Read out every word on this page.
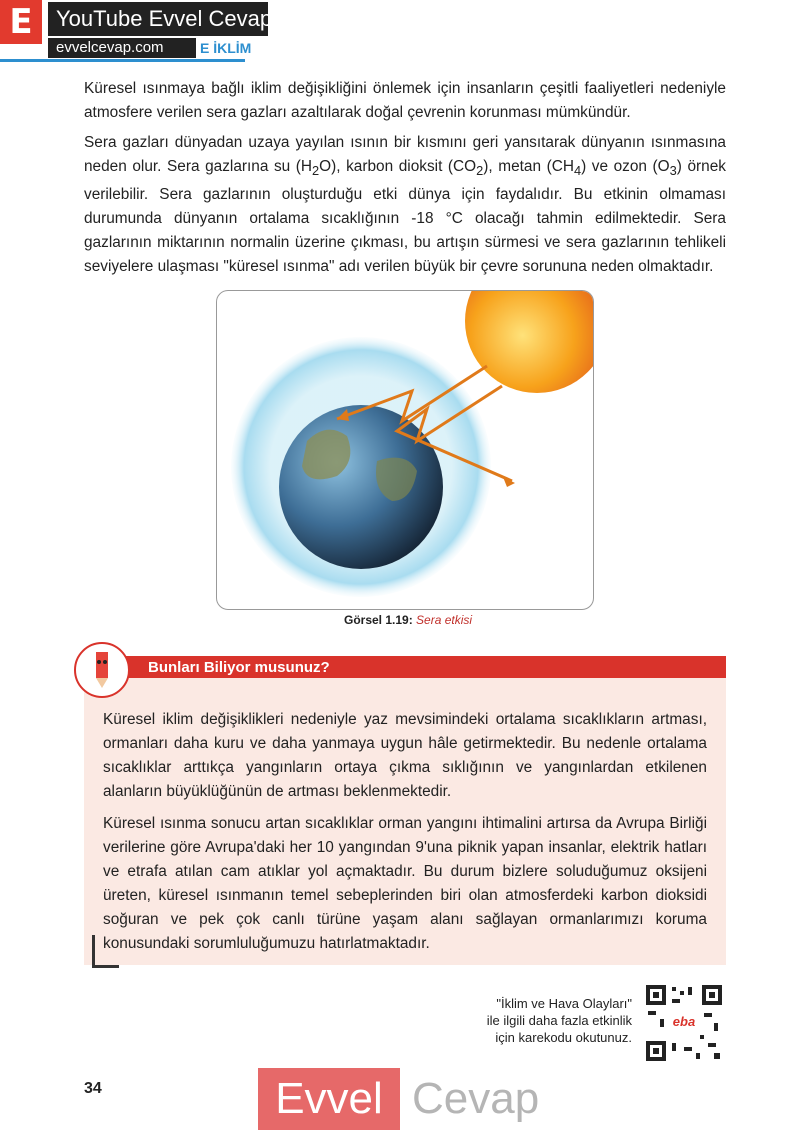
E	YouTube Evvel Cevap
evvelcevap.com	E İKLİM

Küresel ısınmaya bağlı iklim değişikliğini önlemek için insanların çeşitli faaliyetleri nedeniyle atmosfere verilen sera gazları azaltılarak doğal çevrenin korunması mümkündür.

Sera gazları dünyadan uzaya yayılan ısının bir kısmını geri yansıtarak dünyanın ısınmasına neden olur. Sera gazlarına su $(H_2O)$, karbon dioksit $(CO_2)$, metan $(CH_4)$ ve ozon $(O_3)$ örnek verilebilir. Sera gazlarının oluşturduğu etki dünya için faydalıdır. Bu etkinin olmaması durumunda dünyanın ortalama sıcaklığının -18 °C olacağı tahmin edilmektedir. Sera gazlarının miktarının normalin üzerine çıkması, bu artışın sürmesi ve sera gazlarının tehlikeli seviyelere ulaşması "küresel ısınma" adı verilen büyük bir çevre sorununa neden olmaktadır.

Görsel 1.19: Sera etkisi
Bunları Biliyor musunuz?

Küresel iklim değişiklikleri nedeniyle yaz mevsimindeki ortalama sıcaklıkların artması, ormanları daha kuru ve daha yanmaya uygun hâle getirmektedir. Bu nedenle ortalama sıcaklıklar arttıkça yangınların ortaya çıkma sıklığının ve yangınlardan etkilenen alanların büyüklüğünün de artması beklenmektedir.

Küresel ısınma sonucu artan sıcaklıklar orman yangını ihtimalini artırsa da Avrupa Birliği verilerine göre Avrupa'daki her 10 yangından 9'una piknik yapan insanlar, elektrik hatları ve etrafa atılan cam atıklar yol açmaktadır. Bu durum bizlere soluduğumuz oksijeni üreten, küresel ısınmanın temel sebeplerinden biri olan atmosferdeki karbon dioksidi soğuran ve pek çok canlı türüne yaşam alanı sağlayan ormanlarımızı koruma konusundaki sorumluluğumuzu hatırlatmaktadır.

"İklim ve Hava Olayları"
ile ilgili daha fazla etkinlik
için karekodu okutunuz.
eba
34	Evvel Cevap
